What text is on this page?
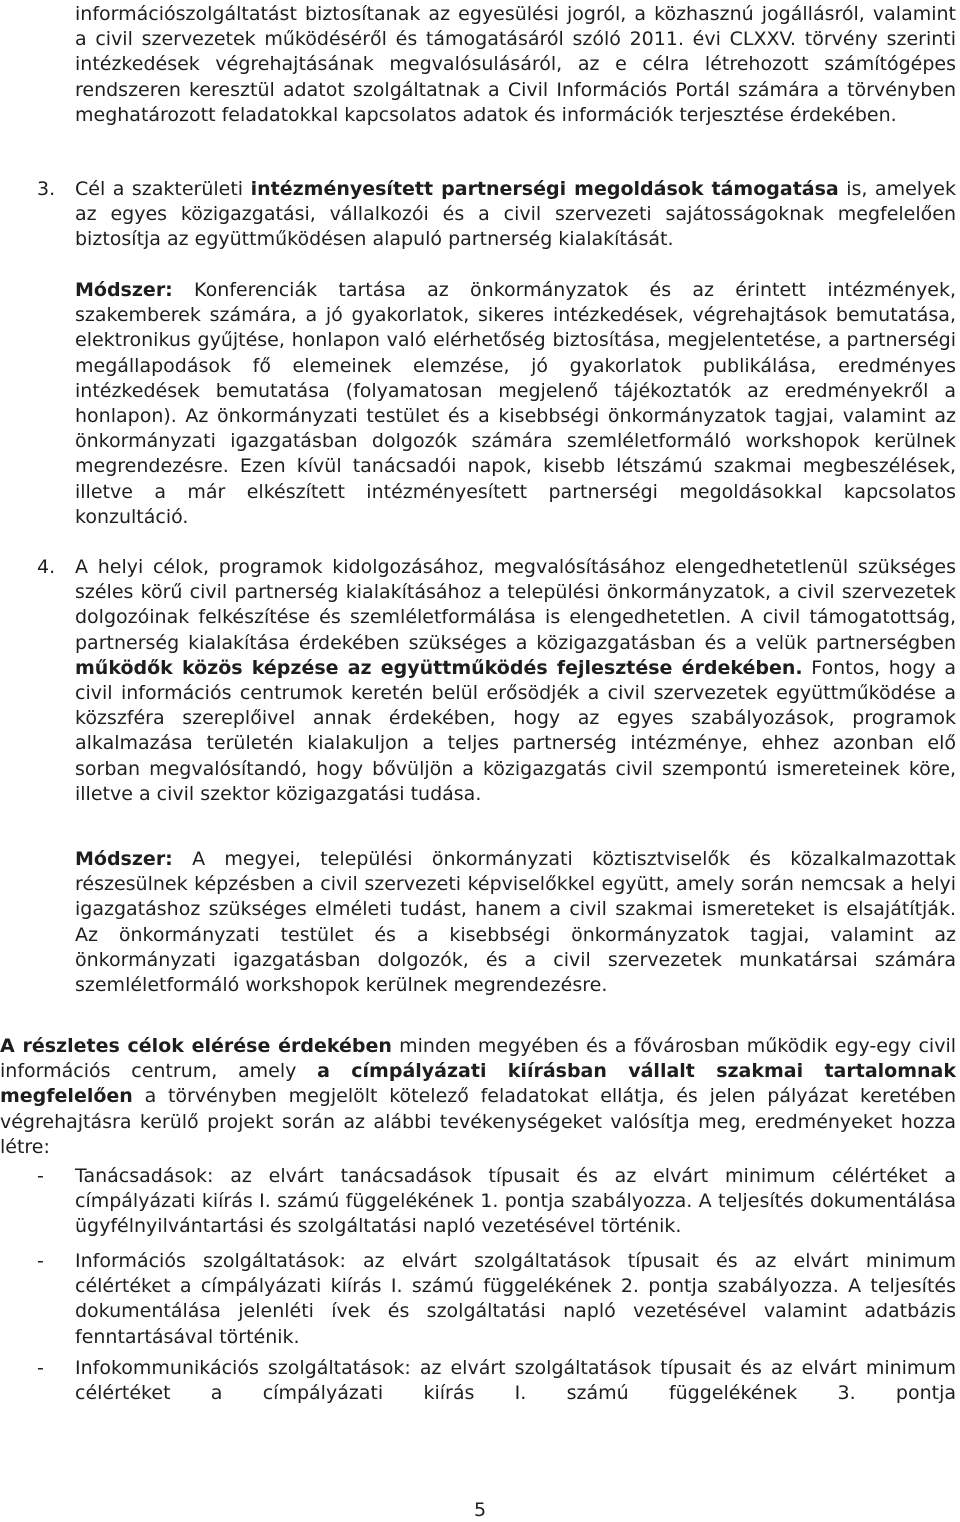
információszolgáltatást biztosítanak az egyesülési jogról, a közhasznú jogállásról, valamint a civil szervezetek működéséről és támogatásáról szóló 2011. évi CLXXV. törvény szerinti intézkedések végrehajtásának megvalósulásáról, az e célra létrehozott számítógépes rendszeren keresztül adatot szolgáltatnak a Civil Információs Portál számára a törvényben meghatározott feladatokkal kapcsolatos adatok és információk terjesztése érdekében.

3. Cél a szakterületi intézményesített partnerségi megoldások támogatása is, amelyek az egyes közigazgatási, vállalkozói és a civil szervezeti sajátosságoknak megfelelően biztosítja az együttműködésen alapuló partnerség kialakítását.

Módszer: Konferenciák tartása az önkormányzatok és az érintett intézmények, szakemberek számára, a jó gyakorlatok, sikeres intézkedések, végrehajtások bemutatása, elektronikus gyűjtése, honlapon való elérhetőség biztosítása, megjelentetése, a partnerségi megállapodások fő elemeinek elemzése, jó gyakorlatok publikálása, eredményes intézkedések bemutatása (folyamatosan megjelenő tájékoztatók az eredményekről a honlapon). Az önkormányzati testület és a kisebbségi önkormányzatok tagjai, valamint az önkormányzati igazgatásban dolgozók számára szemléletformáló workshopok kerülnek megrendezésre. Ezen kívül tanácsadói napok, kisebb létszámú szakmai megbeszélések, illetve a már elkészített intézményesített partnerségi megoldásokkal kapcsolatos konzultáció.

4. A helyi célok, programok kidolgozásához, megvalósításához elengedhetetlenül szükséges széles körű civil partnerség kialakításához a települési önkormányzatok, a civil szervezetek dolgozóinak felkészítése és szemléletformálása is elengedhetetlen. A civil támogatottság, partnerség kialakítása érdekében szükséges a közigazgatásban és a velük partnerségben működők közös képzése az együttműködés fejlesztése érdekében. Fontos, hogy a civil információs centrumok keretén belül erősödjék a civil szervezetek együttműködése a közszféra szereplőivel annak érdekében, hogy az egyes szabályozások, programok alkalmazása területén kialakuljon a teljes partnerség intézménye, ehhez azonban elő sorban megvalósítandó, hogy bővüljön a közigazgatás civil szempontú ismereteinek köre, illetve a civil szektor közigazgatási tudása.

Módszer: A megyei, települési önkormányzati köztisztviselők és közalkalmazottak részesülnek képzésben a civil szervezeti képviselőkkel együtt, amely során nemcsak a helyi igazgatáshoz szükséges elméleti tudást, hanem a civil szakmai ismereteket is elsajátítják. Az önkormányzati testület és a kisebbségi önkormányzatok tagjai, valamint az önkormányzati igazgatásban dolgozók, és a civil szervezetek munkatársai számára szemléletformáló workshopok kerülnek megrendezésre.

A részletes célok elérése érdekében minden megyében és a fővárosban működik egy-egy civil információs centrum, amely a címpályázati kiírásban vállalt szakmai tartalomnak megfelelően a törvényben megjelölt kötelező feladatokat ellátja, és jelen pályázat keretében végrehajtásra kerülő projekt során az alábbi tevékenységeket valósítja meg, eredményeket hozza létre:

- Tanácsadások: az elvárt tanácsadások típusait és az elvárt minimum célértéket a címpályázati kiírás I. számú függelékének 1. pontja szabályozza. A teljesítés dokumentálása ügyfélnyilvántartási és szolgáltatási napló vezetésével történik.

- Információs szolgáltatások: az elvárt szolgáltatások típusait és az elvárt minimum célértéket a címpályázati kiírás I. számú függelékének 2. pontja szabályozza. A teljesítés dokumentálása jelenléti ívek és szolgáltatási napló vezetésével valamint adatbázis fenntartásával történik.

- Infokommunikációs szolgáltatások: az elvárt szolgáltatások típusait és az elvárt minimum célértéket a címpályázati kiírás I. számú függelékének 3. pontja

5
